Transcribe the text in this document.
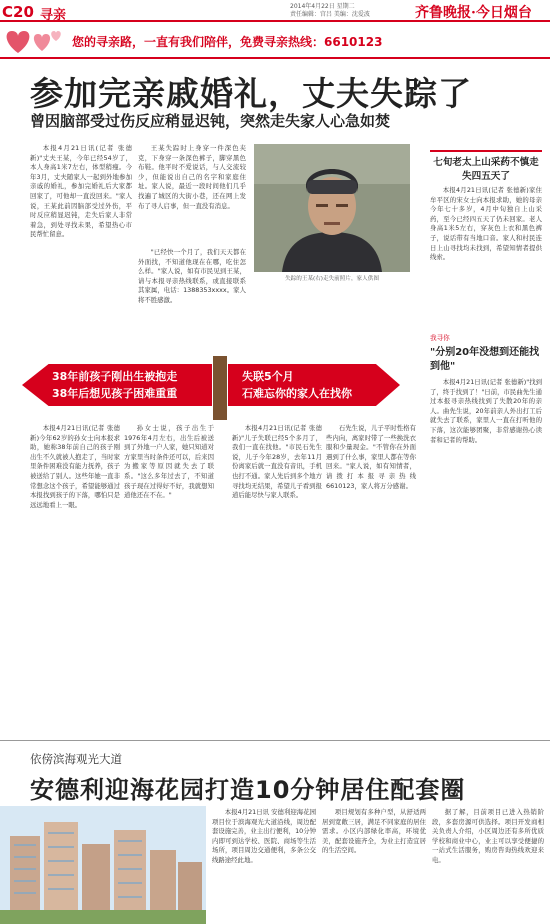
C20 寻亲
2014年4月22日 星期二
责任编辑：宫吕 美编：沈爱波	齐鲁晚报·今日烟台
您的寻亲路，一直有我们陪伴，免费寻亲热线：6610123
参加完亲戚婚礼，丈夫失踪了
曾因脑部受过伤反应稍显迟钝，突然走失家人心急如焚

本报4月21日讯(记者 张德新)"丈夫王某，今年已经54岁了，本人身高1米7左右，体型稍瘦。今年3月，丈夫随家人一起到外地参加亲戚的婚礼，参加完婚礼后大家都回家了，可他却一直没回来。"家人说，王某此前因脑部受过外伤，平时反应稍显迟钝，走失后家人非常着急，到处寻找未果，希望热心市民帮忙留意。

王某失踪时上身穿一件深色夹克，下身穿一条深色裤子，脚穿黑色布鞋。他平时不爱说话，与人交流较少，但能说出自己的名字和家庭住址。家人说，最近一段时间他们几乎找遍了城区的大街小巷，还在网上发布了寻人启事，但一直没有消息。

"已经快一个月了，我们天天都在外面找，不知道他现在在哪，吃住怎么样。"家人说，如有市民见到王某，请与本报寻亲热线联系，或直接联系其家属，电话：1388353xxxx。家人将不胜感激。

失踪的王某(右)走失前照片，家人供图
七旬老太上山采药不慎走失四五天了

本报4月21日讯(记者 张德新)家住牟平区的宋女士向本报求助，她的母亲今年七十多岁，4月中旬独自上山采药，至今已经四五天了仍未回家。老人身高1米5左右，穿灰色上衣和黑色裤子，说话带有当地口音。家人和村民连日上山寻找均未找到，希望知情者提供线索。

我寻你
"分别20年没想到还能找到他"

本报4月21日讯(记者 张德新)"找到了，终于找到了！"日前，市民曲先生通过本报寻亲热线找到了失散20年的亲人。曲先生说，20年前亲人外出打工后就失去了联系，家里人一直在打听他的下落，这次能够团聚，非常感谢热心读者和记者的帮助。

38年前孩子刚出生被抱走
38年后想见孩子困难重重
失联5个月
石难忘你的家人在找你

本报4月21日讯(记者 张德新)今年62岁的孙女士向本报求助，她称38年前自己的孩子刚出生不久就被人抱走了，当时家里条件困难没有能力抚养，孩子被送给了别人。这些年她一直非常想念这个孩子，希望能够通过本报找到孩子的下落，哪怕只是远远地看上一眼。

孙女士说，孩子出生于1976年4月左右，出生后被送到了外地一户人家，她只知道对方家里当时条件还可以，后来因为搬家等原因就失去了联系。"这么多年过去了，不知道孩子现在过得好不好，我就想知道他还在不在。"

本报4月21日讯(记者 张德新)"儿子失联已经5个多月了，我们一直在找他。"市民石先生说，儿子今年28岁，去年11月份离家后就一直没有音讯，手机也打不通。家人先后到多个地方寻找均无结果，希望儿子看到报道后能尽快与家人联系。

石先生说，儿子平时性格有些内向，离家时带了一些换洗衣服和少量现金。"不管你在外面遇到了什么事，家里人都在等你回来。"家人说，如有知情者，请拨打本报寻亲热线6610123，家人将万分感谢。

依傍滨海观光大道
安德利迎海花园打造10分钟居住配套圈

本报4月21日讯 安德利迎海花园项目位于滨海观光大道沿线，周边配套设施完善，业主出行便利，10分钟内即可到达学校、医院、商场等生活场所，项目周边交通便利，多条公交线路途经此地。

项目规划有多种户型，从舒适两居到宽敞三居，满足不同家庭的居住需求。小区内部绿化率高，环境优美，配套设施齐全，为业主打造宜居的生活空间。

据了解，目前项目已进入热销阶段，多套房源可供选择。项目开发商相关负责人介绍，小区周边还有多所优质学校和商业中心，业主可以享受便捷的一站式生活服务，购房咨询热线欢迎来电。
